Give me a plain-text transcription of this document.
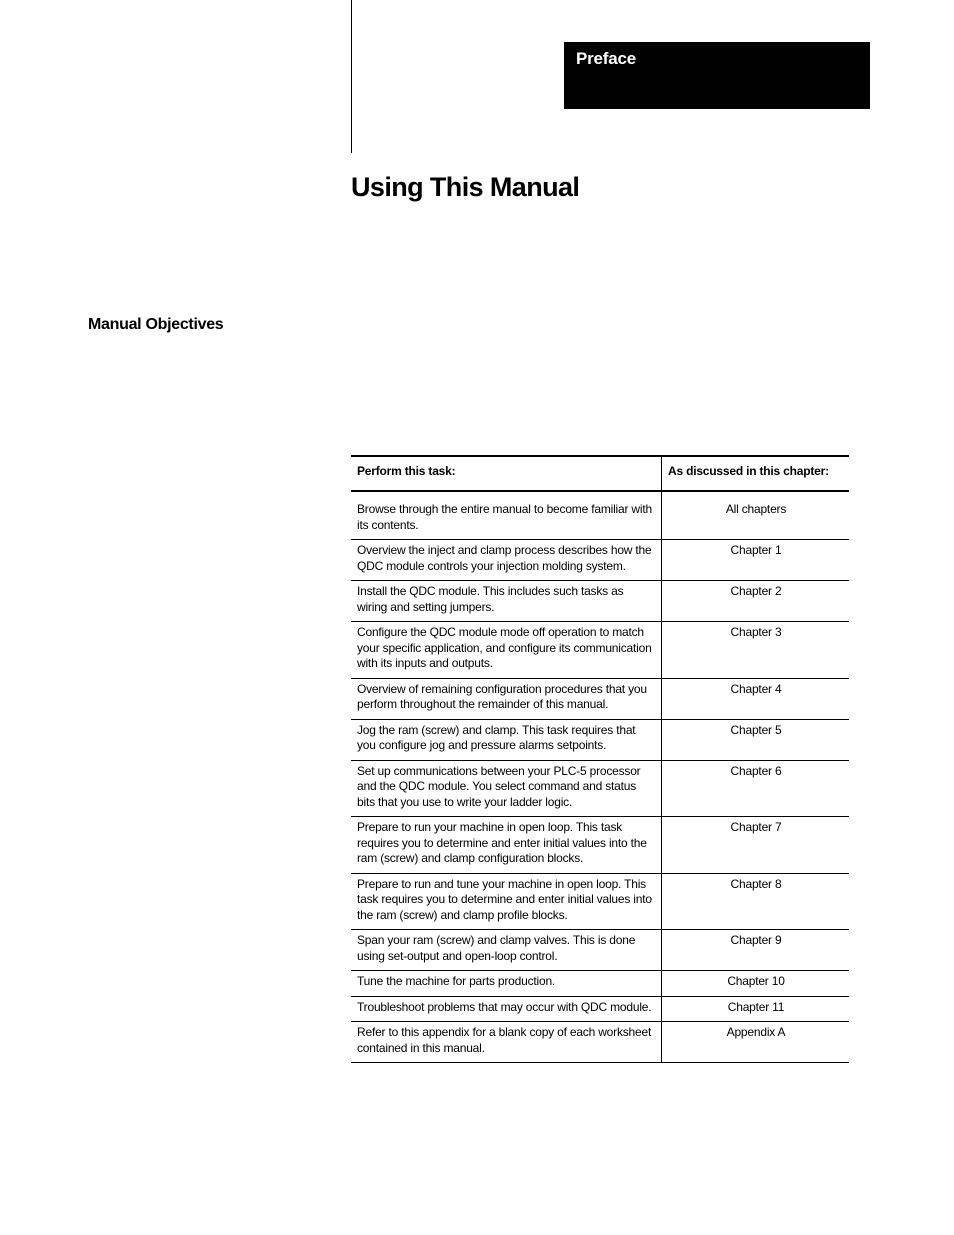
Preface
Using This Manual
Manual Objectives
Perform this task:	As discussed in this chapter:
Browse through the entire manual to become familiar with its contents.	All chapters
Overview the inject and clamp process describes how the QDC module controls your injection molding system.	Chapter 1
Install the QDC module. This includes such tasks as wiring and setting jumpers.	Chapter 2
Configure the QDC module mode off operation to match your specific application, and configure its communication with its inputs and outputs.	Chapter 3
Overview of remaining configuration procedures that you perform throughout the remainder of this manual.	Chapter 4
Jog the ram (screw) and clamp. This task requires that you configure jog and pressure alarms setpoints.	Chapter 5
Set up communications between your PLC-5 processor and the QDC module. You select command and status bits that you use to write your ladder logic.	Chapter 6
Prepare to run your machine in open loop. This task requires you to determine and enter initial values into the ram (screw) and clamp configuration blocks.	Chapter 7
Prepare to run and tune your machine in open loop. This task requires you to determine and enter initial values into the ram (screw) and clamp profile blocks.	Chapter 8
Span your ram (screw) and clamp valves. This is done using set-output and open-loop control.	Chapter 9
Tune the machine for parts production.	Chapter 10
Troubleshoot problems that may occur with QDC module.	Chapter 11
Refer to this appendix for a blank copy of each worksheet contained in this manual.	Appendix A
